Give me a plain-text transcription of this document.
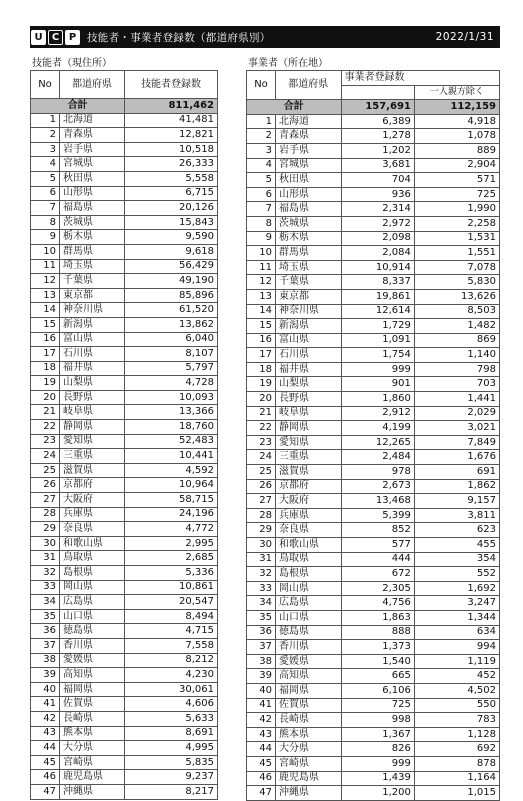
U C P	技能者・事業者登録数（都道府県別）	2022/1/31
技能者（現住所）	事業者（所在地）
No	都道府県	技能者登録数
合計		811,462
1	北海道	41,481
2	青森県	12,821
3	岩手県	10,518
4	宮城県	26,333
5	秋田県	5,558
6	山形県	6,715
7	福島県	20,126
8	茨城県	15,843
9	栃木県	9,590
10	群馬県	9,618
11	埼玉県	56,429
12	千葉県	49,190
13	東京都	85,896
14	神奈川県	61,520
15	新潟県	13,862
16	富山県	6,040
17	石川県	8,107
18	福井県	5,797
19	山梨県	4,728
20	長野県	10,093
21	岐阜県	13,366
22	静岡県	18,760
23	愛知県	52,483
24	三重県	10,441
25	滋賀県	4,592
26	京都府	10,964
27	大阪府	58,715
28	兵庫県	24,196
29	奈良県	4,772
30	和歌山県	2,995
31	鳥取県	2,685
32	島根県	5,336
33	岡山県	10,861
34	広島県	20,547
35	山口県	8,494
36	徳島県	4,715
37	香川県	7,558
38	愛媛県	8,212
39	高知県	4,230
40	福岡県	30,061
41	佐賀県	4,606
42	長崎県	5,633
43	熊本県	8,691
44	大分県	4,995
45	宮崎県	5,835
46	鹿児島県	9,237
47	沖縄県	8,217
No	都道府県	事業者登録数	
			一人親方除く
合計		157,691	112,159
1	北海道	6,389	4,918
2	青森県	1,278	1,078
3	岩手県	1,202	889
4	宮城県	3,681	2,904
5	秋田県	704	571
6	山形県	936	725
7	福島県	2,314	1,990
8	茨城県	2,972	2,258
9	栃木県	2,098	1,531
10	群馬県	2,084	1,551
11	埼玉県	10,914	7,078
12	千葉県	8,337	5,830
13	東京都	19,861	13,626
14	神奈川県	12,614	8,503
15	新潟県	1,729	1,482
16	富山県	1,091	869
17	石川県	1,754	1,140
18	福井県	999	798
19	山梨県	901	703
20	長野県	1,860	1,441
21	岐阜県	2,912	2,029
22	静岡県	4,199	3,021
23	愛知県	12,265	7,849
24	三重県	2,484	1,676
25	滋賀県	978	691
26	京都府	2,673	1,862
27	大阪府	13,468	9,157
28	兵庫県	5,399	3,811
29	奈良県	852	623
30	和歌山県	577	455
31	鳥取県	444	354
32	島根県	672	552
33	岡山県	2,305	1,692
34	広島県	4,756	3,247
35	山口県	1,863	1,344
36	徳島県	888	634
37	香川県	1,373	994
38	愛媛県	1,540	1,119
39	高知県	665	452
40	福岡県	6,106	4,502
41	佐賀県	725	550
42	長崎県	998	783
43	熊本県	1,367	1,128
44	大分県	826	692
45	宮崎県	999	878
46	鹿児島県	1,439	1,164
47	沖縄県	1,200	1,015
